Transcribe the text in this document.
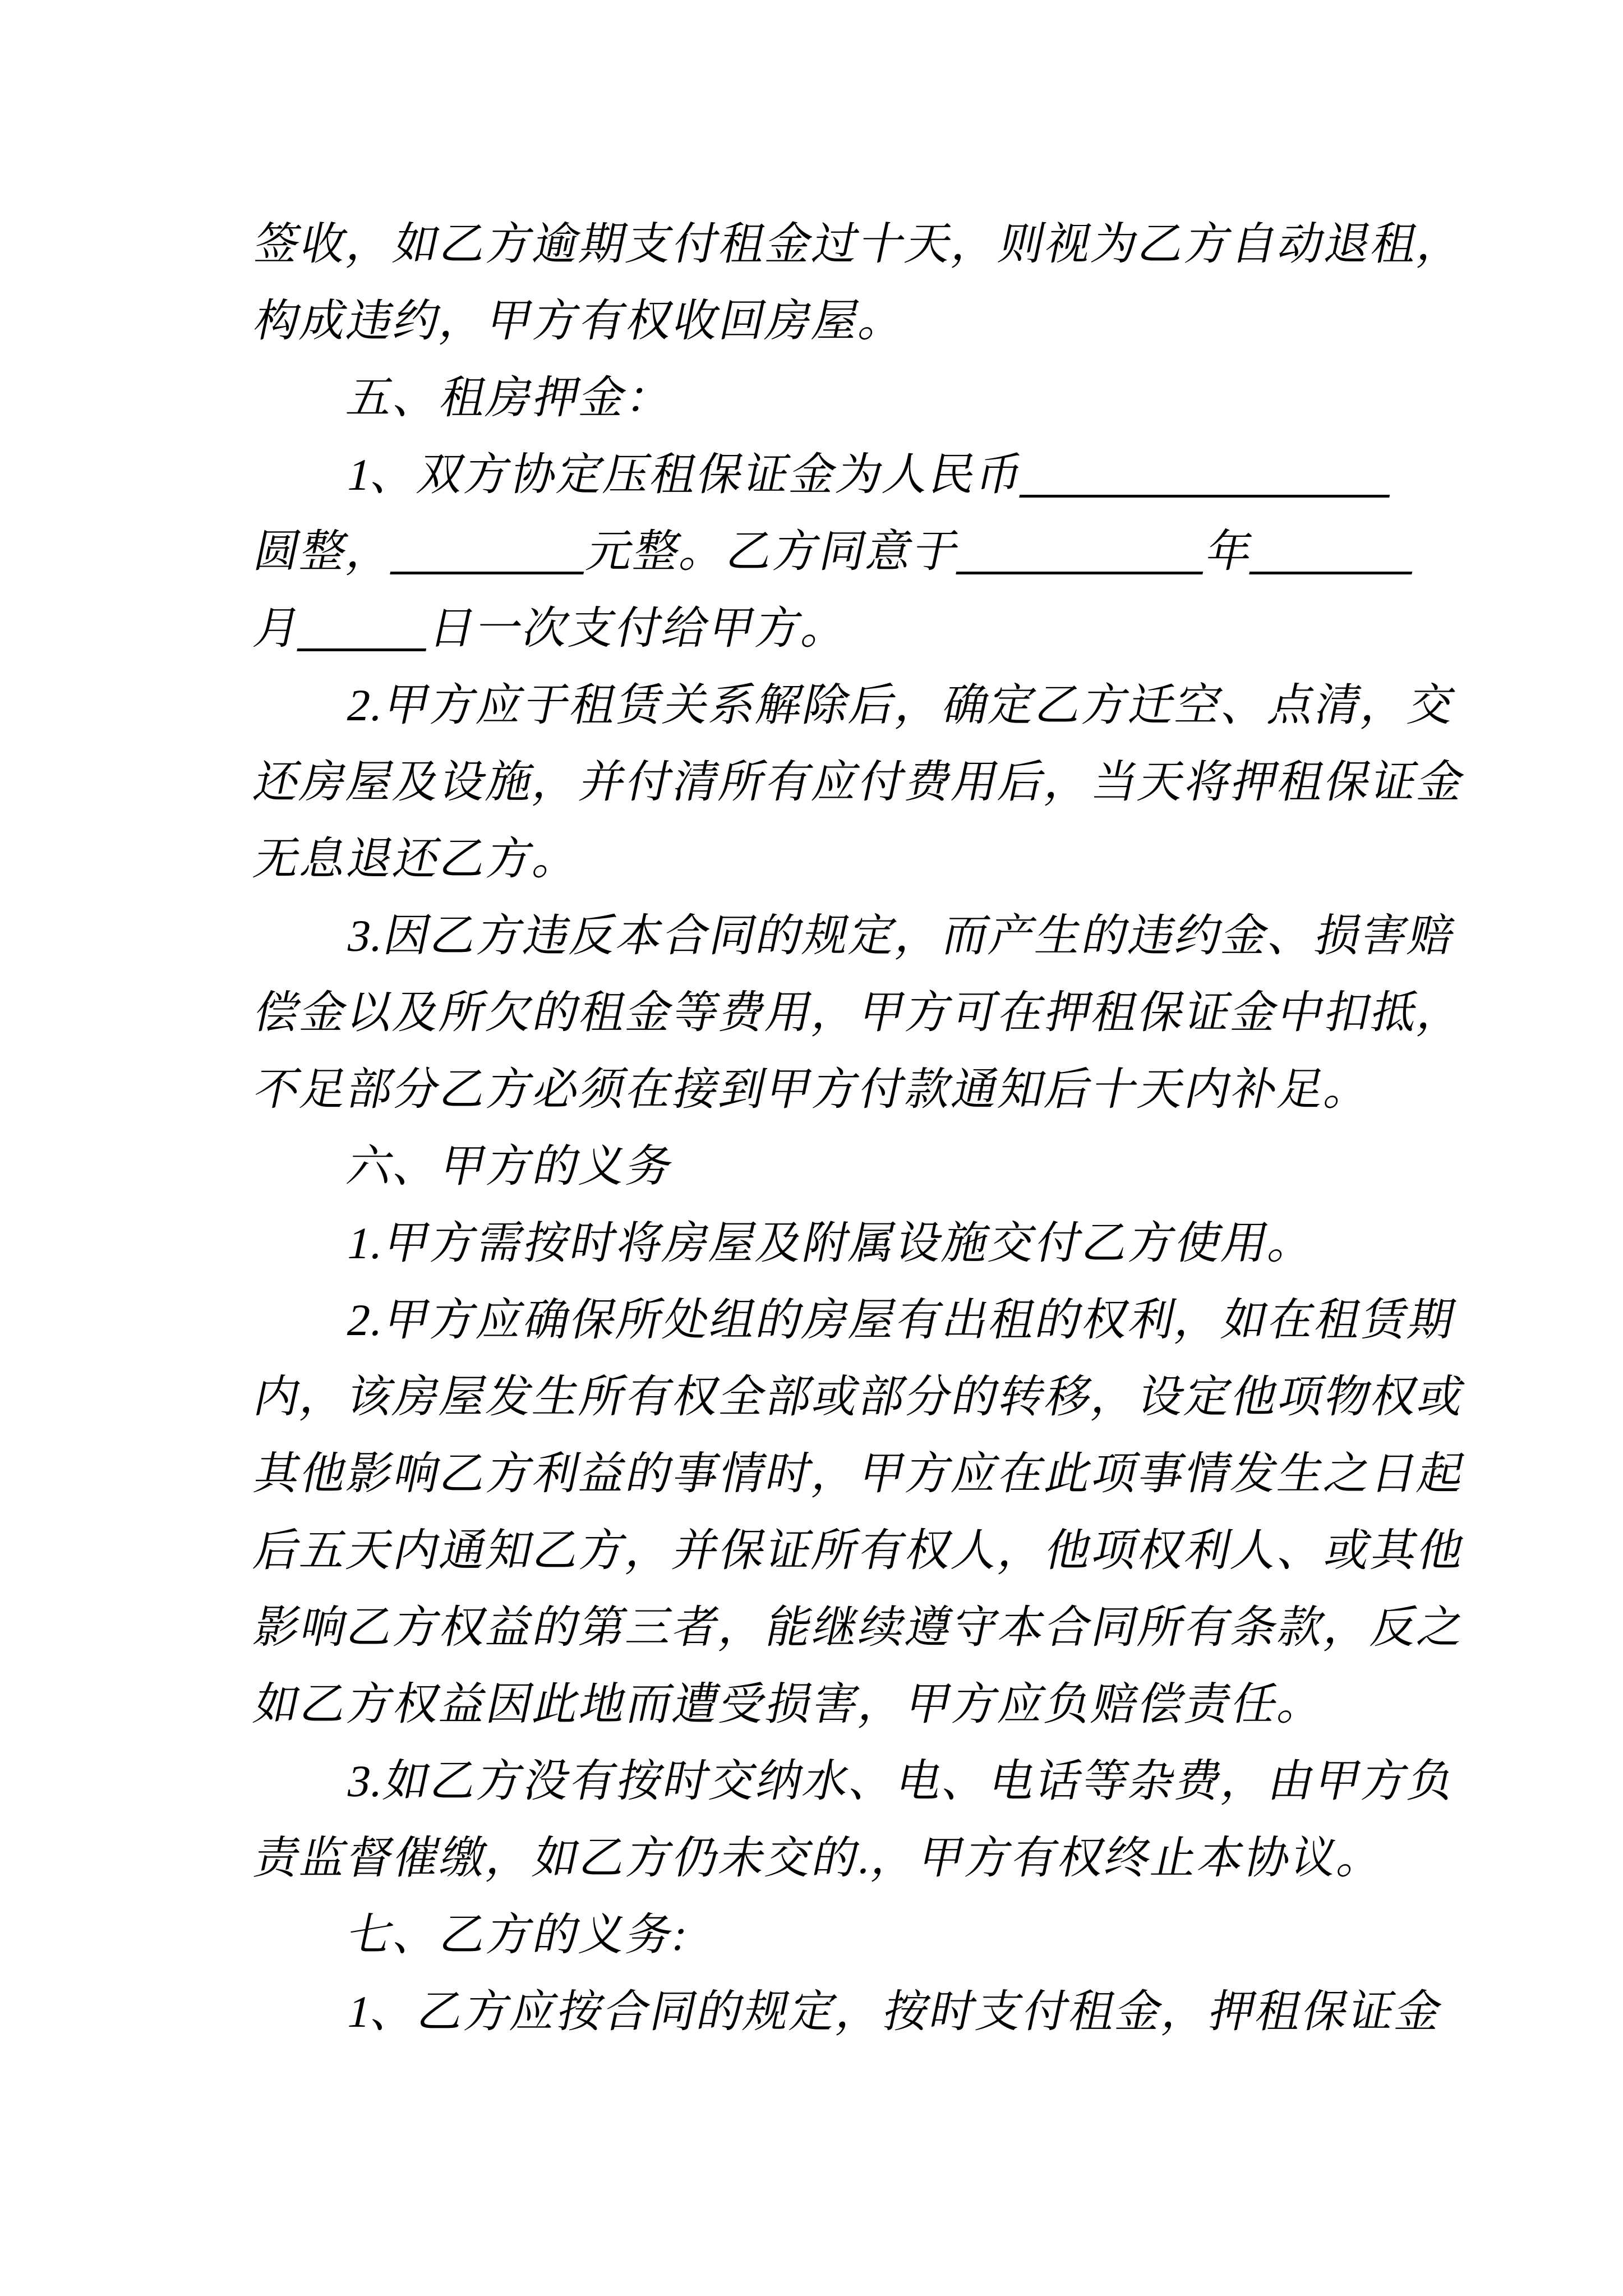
签收，如乙方逾期支付租金过十天，则视为乙方自动退租，
构成违约，甲方有权收回房屋。
五、租房押金：
1、双方协定压租保证金为人民币
圆整，	元整。乙方同意于	年
月	日一次支付给甲方。
2.甲方应于租赁关系解除后，确定乙方迁空、点清，交
还房屋及设施，并付清所有应付费用后，当天将押租保证金
无息退还乙方。
3.因乙方违反本合同的规定，而产生的违约金、损害赔
偿金以及所欠的租金等费用，甲方可在押租保证金中扣抵，
不足部分乙方必须在接到甲方付款通知后十天内补足。
六、甲方的义务
1.甲方需按时将房屋及附属设施交付乙方使用。
2.甲方应确保所处组的房屋有出租的权利，如在租赁期
内，该房屋发生所有权全部或部分的转移，设定他项物权或
其他影响乙方利益的事情时，甲方应在此项事情发生之日起
后五天内通知乙方，并保证所有权人，他项权利人、或其他
影响乙方权益的第三者，能继续遵守本合同所有条款，反之
如乙方权益因此地而遭受损害，甲方应负赔偿责任。
3.如乙方没有按时交纳水、电、电话等杂费，由甲方负
责监督催缴，如乙方仍未交的.，甲方有权终止本协议。
七、乙方的义务:
1、乙方应按合同的规定，按时支付租金，押租保证金
